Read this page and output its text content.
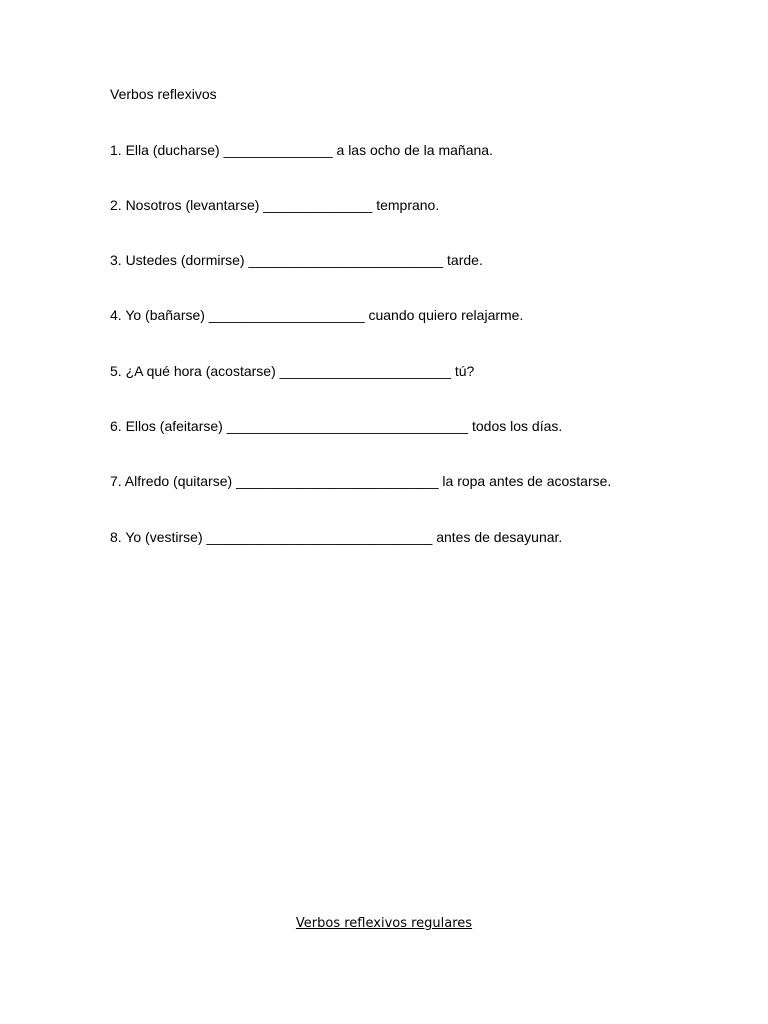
Verbos reflexivos
1. Ella (ducharse) ______________ a las ocho de la mañana.
2. Nosotros (levantarse) ______________ temprano.
3. Ustedes (dormirse) _________________________ tarde.
4. Yo (bañarse) ____________________ cuando quiero relajarme.
5. ¿A qué hora (acostarse) ______________________ tú?
6. Ellos (afeitarse) _______________________________ todos los días.
7. Alfredo (quitarse) __________________________ la ropa antes de acostarse.
8. Yo (vestirse) _____________________________ antes de desayunar.
Verbos reflexivos regulares
